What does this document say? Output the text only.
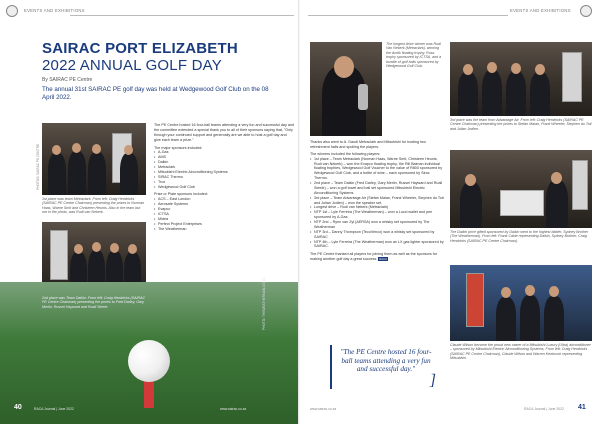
EVENTS AND EXHIBITIONS
SAIRAC PORT ELIZABETH
2022 ANNUAL GOLF DAY
By SAIRAC PE Centre
The annual 31st SAIRAC PE golf day was held at Wedgewood Golf Club on the 08 April 2022.
PHOTOS: SAIRAC PE CENTRE
1st place was team Metraclark. From left: Craig Hendricks (SAIRAC PE Centre Chairman) presenting the prizes to Norman Haas, Warne Smit and Christeen Heunis. Also in the team but not in the photo, was Rudi van Nekerk.

The PE Centre hosted 16 four-ball teams attending a very fun and successful day and the committee extended a special thank you to all of their sponsors saying that, "Only through your continued support and generosity are we able to host a golf day and give each team a prize."

The major sponsors included:

• A-Gas
• AMS
• Daikin
• Metraclark
• Mitsubishi Electric Airconditioning Systems
• SIRAC Thermo
• Trox
• Wedgewood Golf Club

Prize or Plate sponsors included:

• ACS – East London
• Aerosafe Systems
• Evapco
• ICTSA
• Midea
• Perfect Project Enterprises
• The Weatherman
2nd place was Team Daikin. From left: Craig Hendricks (SAIRAC PE Centre Chairman) presenting the prizes to Fred Darley, Gary Merlin, Russel Hayward and Ruall Steele.	PHOTO: THEWEATHERMAN.CO.ZA
40	RACA Journal | June 2022	www.sairac.co.za
EVENTS AND EXHIBITIONS
The longest drive winner was Rudi Van Nekerk (Metraclark), winning the Amtik floating trophy. Russ trophy sponsored by ICTSA, and a bundle of golf balls sponsored by Wedgewood Golf Club.

Thanks also went to A. Gaudi Metraclark and Mitsubishi for hosting two refreshment halls and spoiling the players.

The winners included the following players:

• 1st place – Team Metraclark (Norman Haas, Warne Smit, Christeen Heunis, Rudi van Nekerk) – won the Evapco floating trophy, the Rill Baiman individual floating trophies, Wedgewood Golf Voucher to the value of R800 sponsored by Wedgewood Golf Club, and a bottle of wine – each sponsored by Sirac Thermo.
• 2nd place – Team Daikin (Fred Darley, Gary Merlin, Russel Hayward and Ruall Steele) – won a golf towel and ball set sponsored Mitsubishi Electric Airconditioning Systems.
• 3rd place – Team Advantage Air (Stefan Malan, Frank Wheeler, Stephen du Toit and Julian Jodlen) – won the speaker set.
• Longest drive – Rudi van Nekerk (Metraclark)
• NTP 1st – Lyle Ferreira (The Weatherman) – won a Lucci wallet and pen sponsored by A-Gas.
• NTP 2nd – Rynn van Zyl (AERSA) won a whisky set sponsored by The Weatherman
• NTP 3rd – Danny Thompson (TecoVenco) won a whisky set sponsored by SAIRAC
• NTP 4th – Lyle Ferreira (The Weatherman) won an LX gas lighter sponsored by SAIRAC.

The PE Centre thanked all players for joining them as well as the sponsors for making another golf day a great success. RACA

"The PE Centre hosted 16 four-ball teams attending a very fun and successful day."
]
3rd place was the team from Advantage Air. From left: Craig Hendricks (SAIRAC PE Centre Chairman) presenting the prizes to Stefan Malan, Frank Wheeler, Stephen du Toit and Julian Jodlen.
The Daikin price gifted sponsored by Daikin went to the highest bidder, Sydney Brother (The Weatherman). From left: Frank Cakie representing Daikin, Sydney Brother, Craig Hendricks (SAIRAC PE Centre Chairman).
Claude Wilson became the proud new owner of a Mitsubishi Luxury (Ultra) airconditioner – sponsored by Mitsubishi Electric Airconditioning Systems. From left: Craig Hendricks (SAIRAC PE Centre Chairman), Claude Wilson and Warren Kenbrook representing Mitsubishi.
www.sairac.co.za	RACA Journal | June 2022 41
